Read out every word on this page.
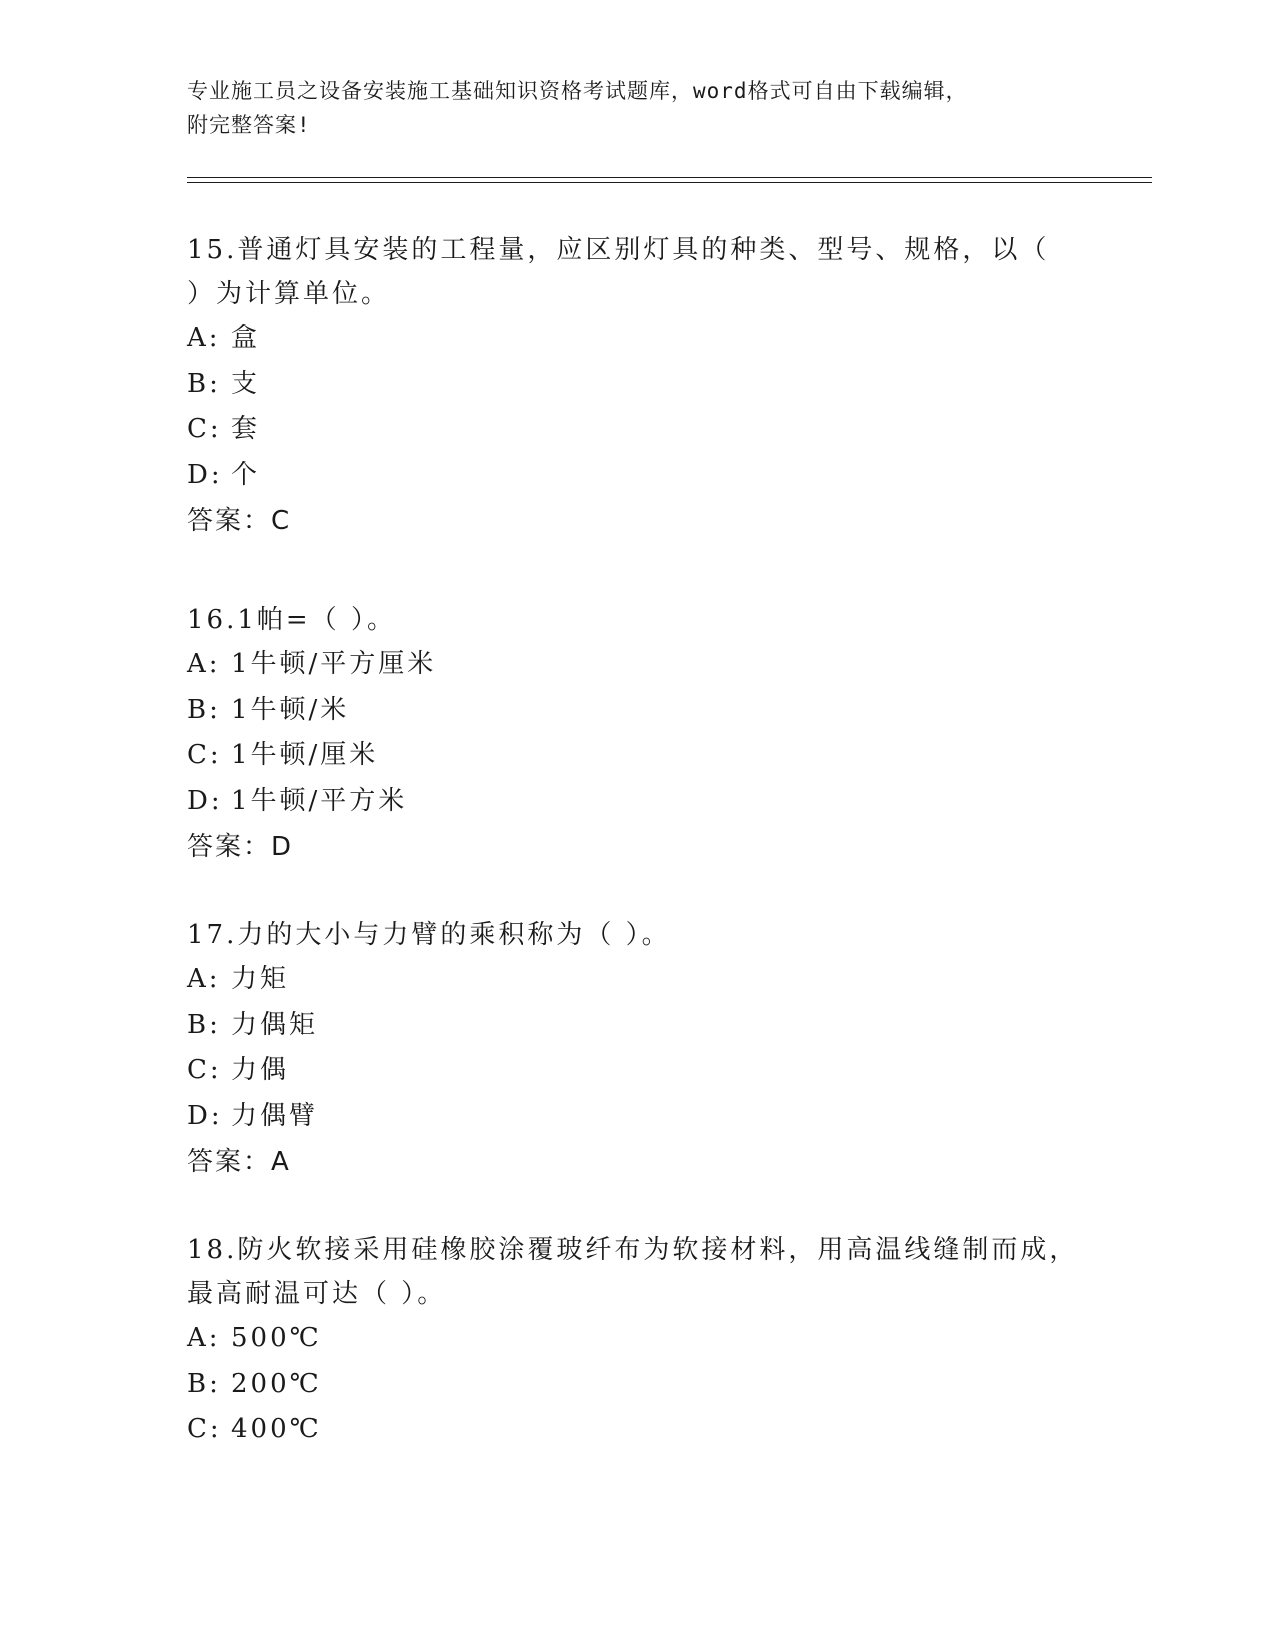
专业施工员之设备安装施工基础知识资格考试题库，word格式可自由下载编辑，
附完整答案!

15.普通灯具安装的工程量，应区别灯具的种类、型号、规格，以（

）为计算单位。

A: 盒

B: 支

C: 套

D: 个

答案：C

16.1帕=（ ）。

A: 1牛顿/平方厘米

B: 1牛顿/米

C: 1牛顿/厘米

D: 1牛顿/平方米

答案：D

17.力的大小与力臂的乘积称为（ ）。

A: 力矩

B: 力偶矩

C: 力偶

D: 力偶臂

答案：A

18.防火软接采用硅橡胶涂覆玻纤布为软接材料，用高温线缝制而成，

最高耐温可达（ ）。

A: 500℃

B: 200℃

C: 400℃
